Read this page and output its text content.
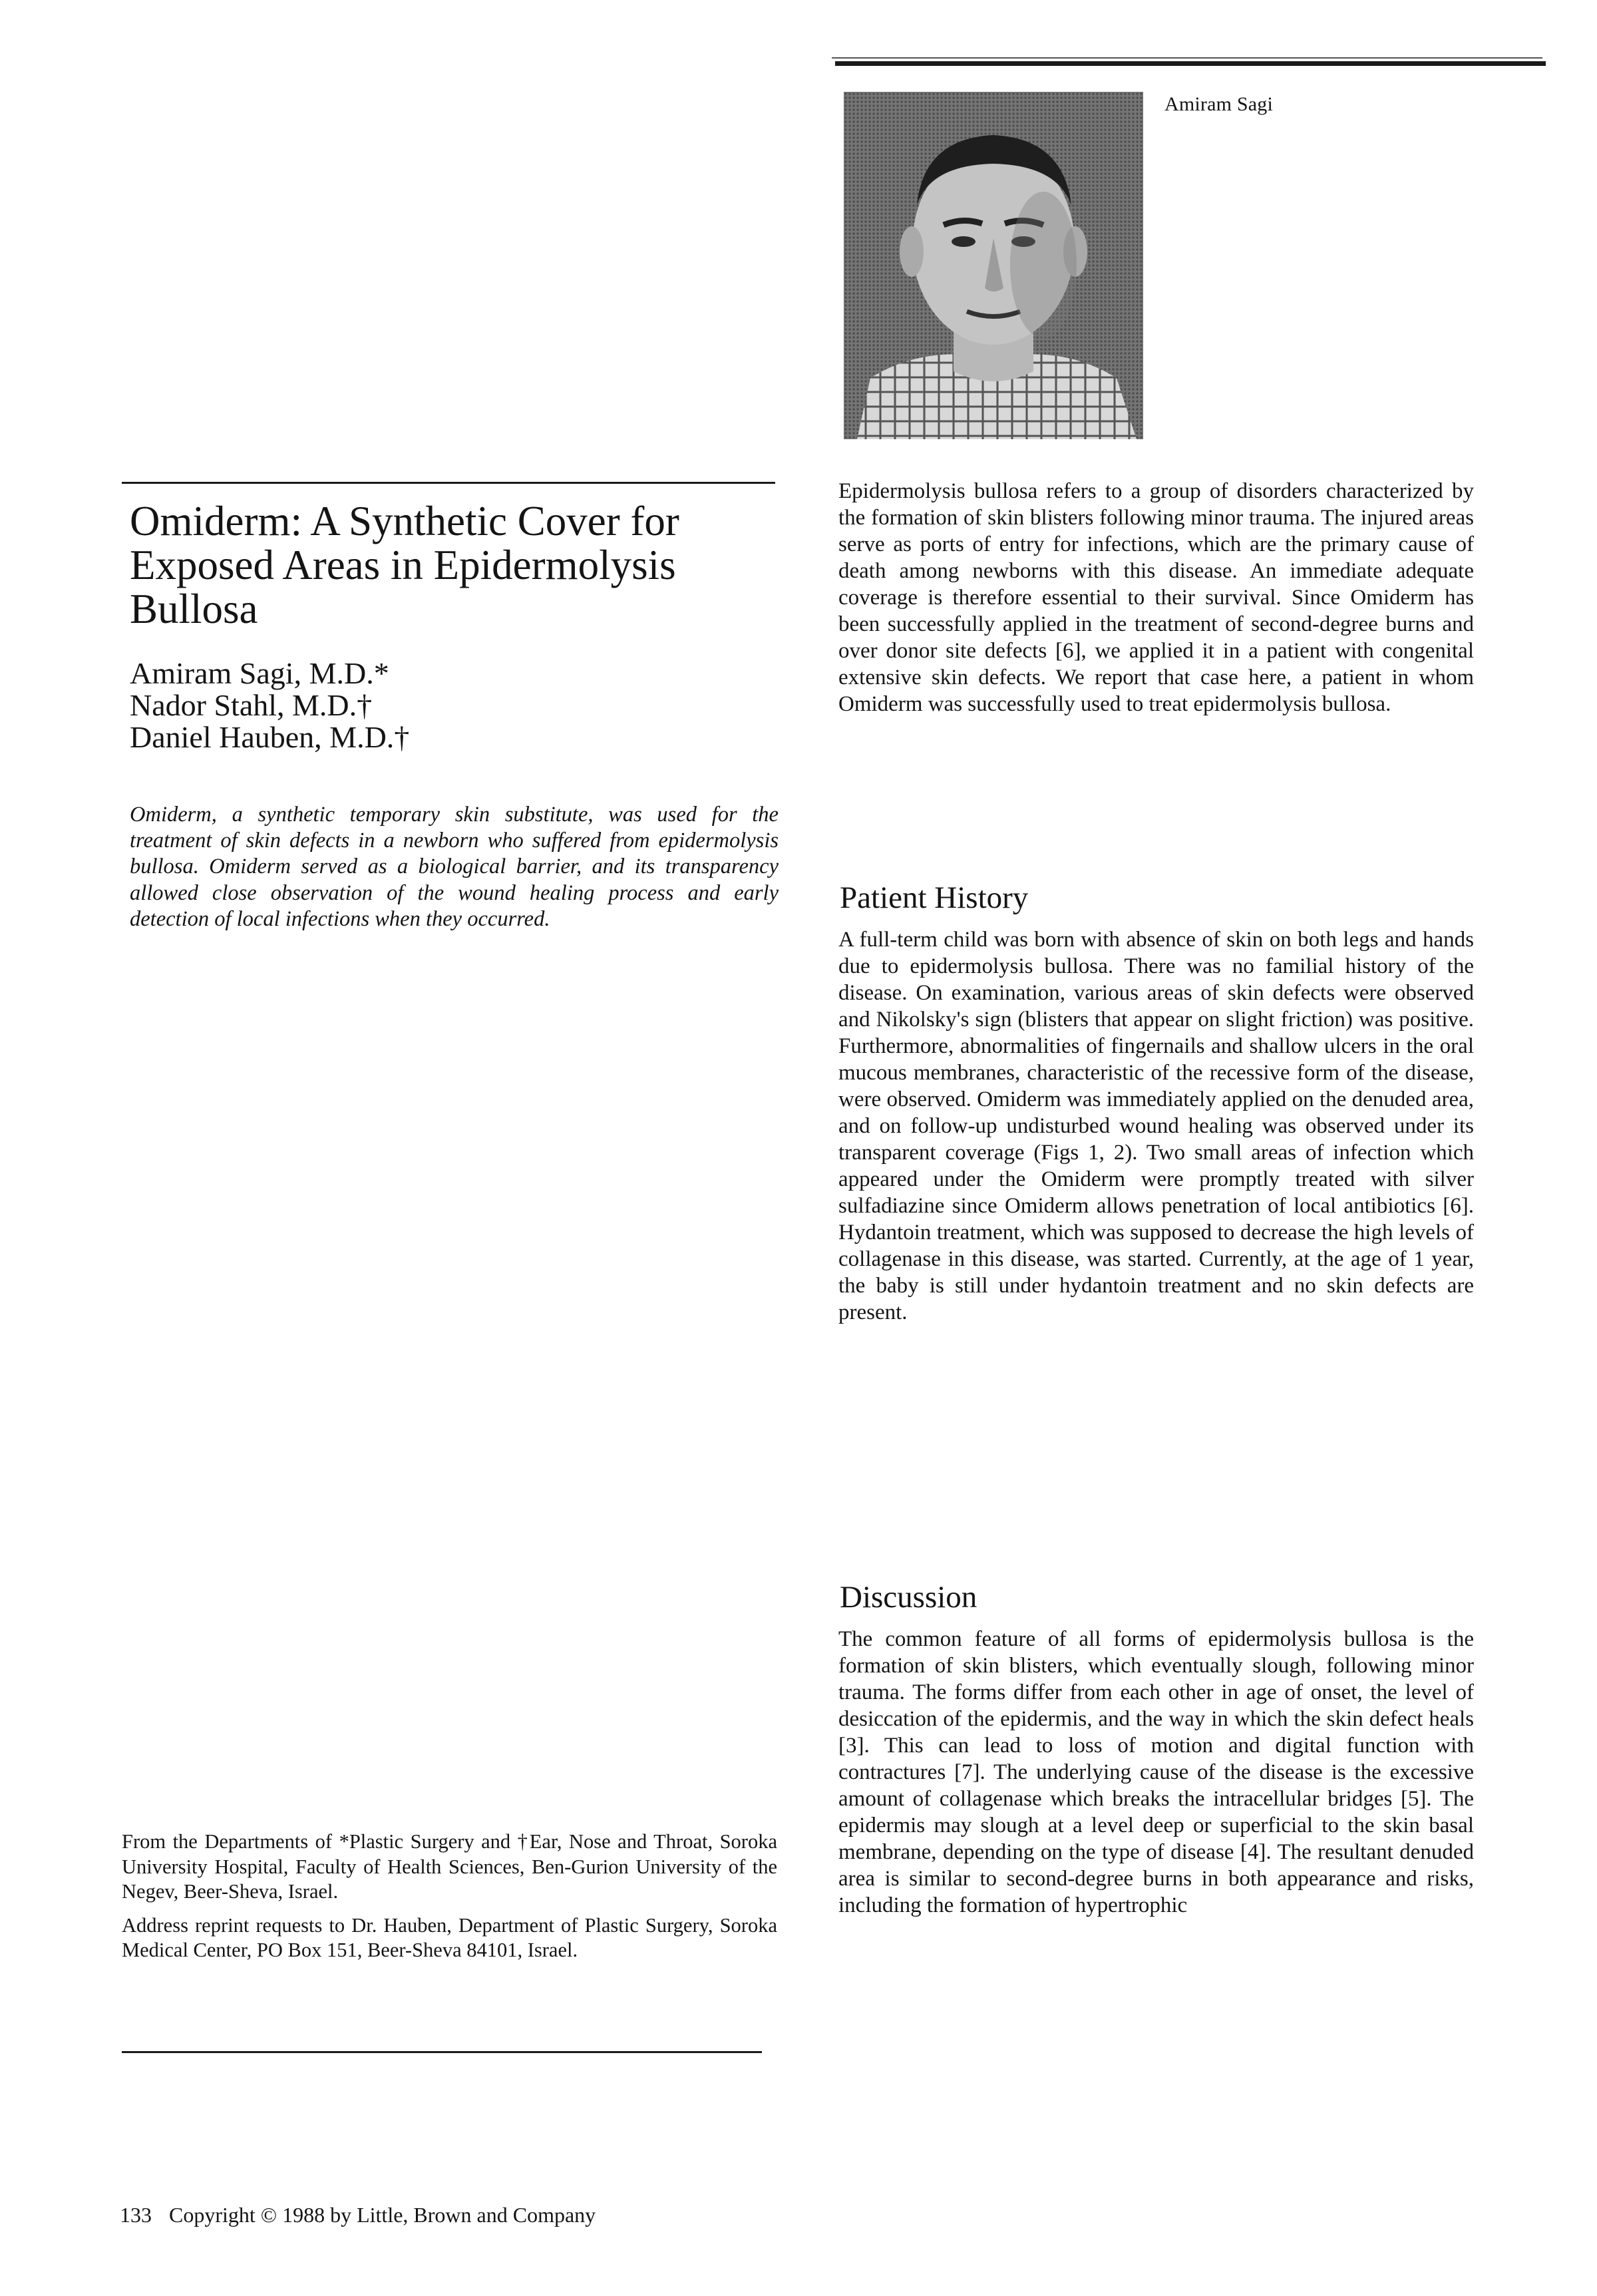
Amiram Sagi
Omiderm: A Synthetic Cover for Exposed Areas in Epidermolysis Bullosa
Amiram Sagi, M.D.*
Nador Stahl, M.D.†
Daniel Hauben, M.D.†
Omiderm, a synthetic temporary skin substitute, was used for the treatment of skin defects in a newborn who suffered from epidermolysis bullosa. Omiderm served as a biological barrier, and its transparency allowed close observation of the wound healing process and early detection of local infections when they occurred.

From the Departments of *Plastic Surgery and †Ear, Nose and Throat, Soroka University Hospital, Faculty of Health Sciences, Ben-Gurion University of the Negev, Beer-Sheva, Israel.

Address reprint requests to Dr. Hauben, Department of Plastic Surgery, Soroka Medical Center, PO Box 151, Beer-Sheva 84101, Israel.

133 Copyright © 1988 by Little, Brown and Company

Epidermolysis bullosa refers to a group of disorders characterized by the formation of skin blisters following minor trauma. The injured areas serve as ports of entry for infections, which are the primary cause of death among newborns with this disease. An immediate adequate coverage is therefore essential to their survival. Since Omiderm has been successfully applied in the treatment of second-degree burns and over donor site defects [6], we applied it in a patient with congenital extensive skin defects. We report that case here, a patient in whom Omiderm was successfully used to treat epidermolysis bullosa.

Patient History

A full-term child was born with absence of skin on both legs and hands due to epidermolysis bullosa. There was no familial history of the disease. On examination, various areas of skin defects were observed and Nikolsky's sign (blisters that appear on slight friction) was positive. Furthermore, abnormalities of fingernails and shallow ulcers in the oral mucous membranes, characteristic of the recessive form of the disease, were observed. Omiderm was immediately applied on the denuded area, and on follow-up undisturbed wound healing was observed under its transparent coverage (Figs 1, 2). Two small areas of infection which appeared under the Omiderm were promptly treated with silver sulfadiazine since Omiderm allows penetration of local antibiotics [6]. Hydantoin treatment, which was supposed to decrease the high levels of collagenase in this disease, was started. Currently, at the age of 1 year, the baby is still under hydantoin treatment and no skin defects are present.

Discussion

The common feature of all forms of epidermolysis bullosa is the formation of skin blisters, which eventually slough, following minor trauma. The forms differ from each other in age of onset, the level of desiccation of the epidermis, and the way in which the skin defect heals [3]. This can lead to loss of motion and digital function with contractures [7]. The underlying cause of the disease is the excessive amount of collagenase which breaks the intracellular bridges [5]. The epidermis may slough at a level deep or superficial to the skin basal membrane, depending on the type of disease [4]. The resultant denuded area is similar to second-degree burns in both appearance and risks, including the formation of hypertrophic
